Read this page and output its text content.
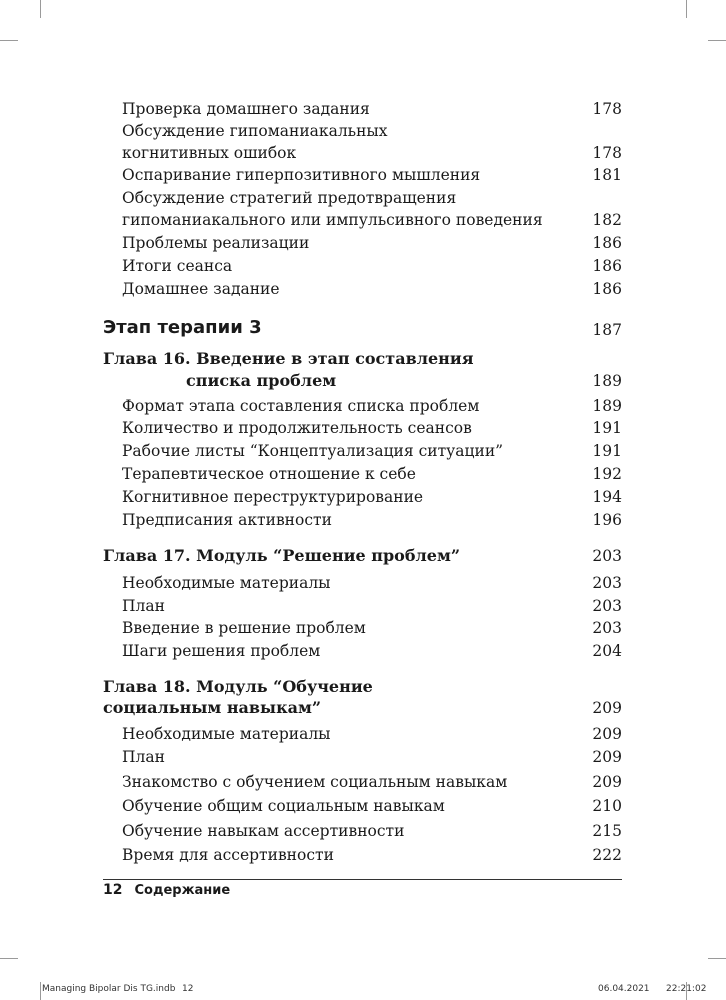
Проверка домашнего задания	178
Обсуждение гипоманиакальных
когнитивных ошибок	178
Оспаривание гиперпозитивного мышления	181
Обсуждение стратегий предотвращения
гипоманиакального или импульсивного поведения	182
Проблемы реализации	186
Итоги сеанса	186
Домашнее задание	186
Этап терапии 3	187
Глава 16. Введение в этап составления
списка проблем	189
Формат этапа составления списка проблем	189
Количество и продолжительность сеансов	191
Рабочие листы “Концептуализация ситуации”	191
Терапевтическое отношение к себе	192
Когнитивное переструктурирование	194
Предписания активности	196
Глава 17. Модуль “Решение проблем”	203
Необходимые материалы	203
План	203
Введение в решение проблем	203
Шаги решения проблем	204
Глава 18. Модуль “Обучение
социальным навыкам”	209
Необходимые материалы	209
План	209
Знакомство с обучением социальным навыкам	209
Обучение общим социальным навыкам	210
Обучение навыкам ассертивности	215
Время для ассертивности	222
12 Содержание
Managing Bipolar Dis TG.indb 12	06.04.2021 22:21:02
